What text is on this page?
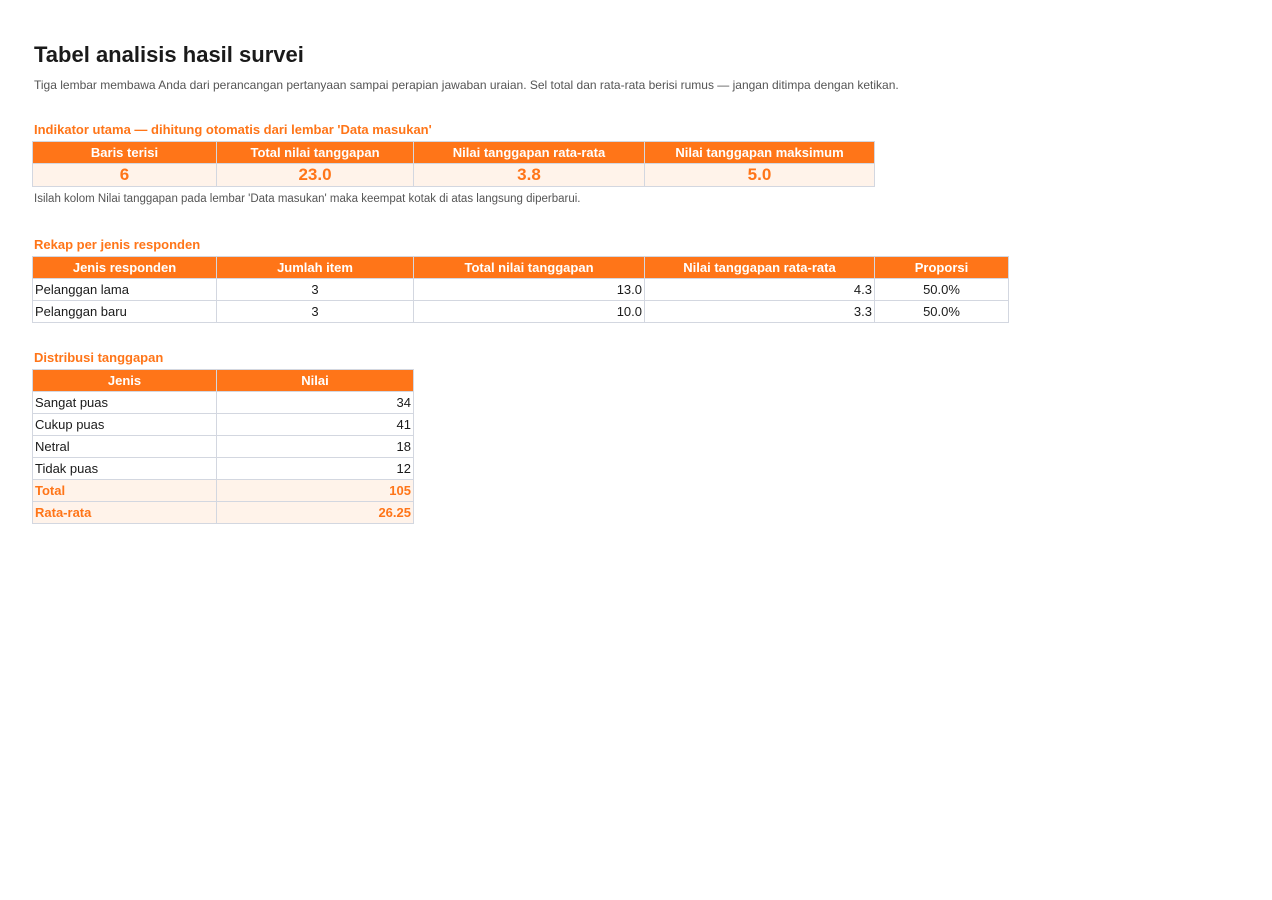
Tabel analisis hasil survei
Tiga lembar membawa Anda dari perancangan pertanyaan sampai perapian jawaban uraian. Sel total dan rata-rata berisi rumus — jangan ditimpa dengan ketikan.
Indikator utama — dihitung otomatis dari lembar 'Data masukan'
Baris terisi	Total nilai tanggapan	Nilai tanggapan rata-rata	Nilai tanggapan maksimum
6	23.0	3.8	5.0
Isilah kolom Nilai tanggapan pada lembar 'Data masukan' maka keempat kotak di atas langsung diperbarui.
Rekap per jenis responden
Jenis responden	Jumlah item	Total nilai tanggapan	Nilai tanggapan rata-rata	Proporsi
Pelanggan lama	3	13.0	4.3	50.0%
Pelanggan baru	3	10.0	3.3	50.0%
Distribusi tanggapan
Jenis	Nilai
Sangat puas	34
Cukup puas	41
Netral	18
Tidak puas	12
Total	105
Rata-rata	26.25
